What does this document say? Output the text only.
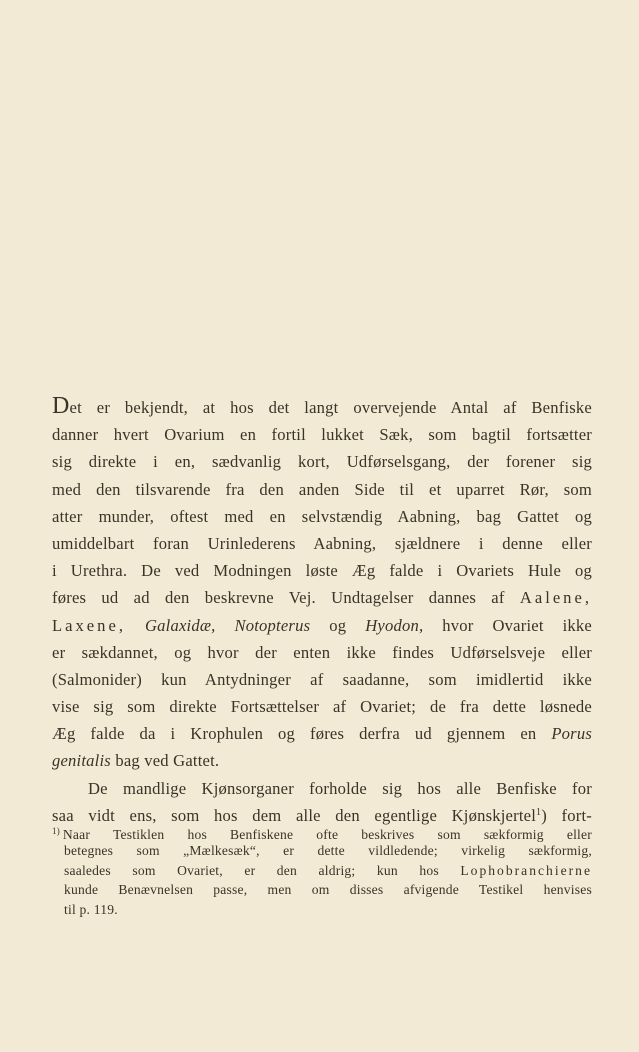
Det er bekjendt, at hos det langt overvejende Antal af Benfiske
danner hvert Ovarium en fortil lukket Sæk, som bagtil fortsætter
sig direkte i en, sædvanlig kort, Udførselsgang, der forener sig
med den tilsvarende fra den anden Side til et uparret Rør, som
atter munder, oftest med en selvstændig Aabning, bag Gattet og
umiddelbart foran Urinlederens Aabning, sjældnere i denne eller
i Urethra. De ved Modningen løste Æg falde i Ovariets Hule og
føres ud ad den beskrevne Vej. Undtagelser dannes af Aalene,
Laxene, Galaxidæ, Notopterus og Hyodon, hvor Ovariet ikke
er sækdannet, og hvor der enten ikke findes Udførselsveje eller
(Salmonider) kun Antydninger af saadanne, som imidlertid ikke
vise sig som direkte Fortsættelser af Ovariet; de fra dette løsnede
Æg falde da i Krophulen og føres derfra ud gjennem en Porus
genitalis bag ved Gattet.
De mandlige Kjønsorganer forholde sig hos alle Benfiske for
saa vidt ens, som hos dem alle den egentlige Kjønskjertel$^1$) fort-
$^{1)}$ Naar Testiklen hos Benfiskene ofte beskrives som sækformig eller
betegnes som „Mælkesæk“, er dette vildledende; virkelig sækformig,
saaledes som Ovariet, er den aldrig; kun hos Lophobranchierne
kunde Benævnelsen passe, men om disses afvigende Testikel henvises
til p. 119.
